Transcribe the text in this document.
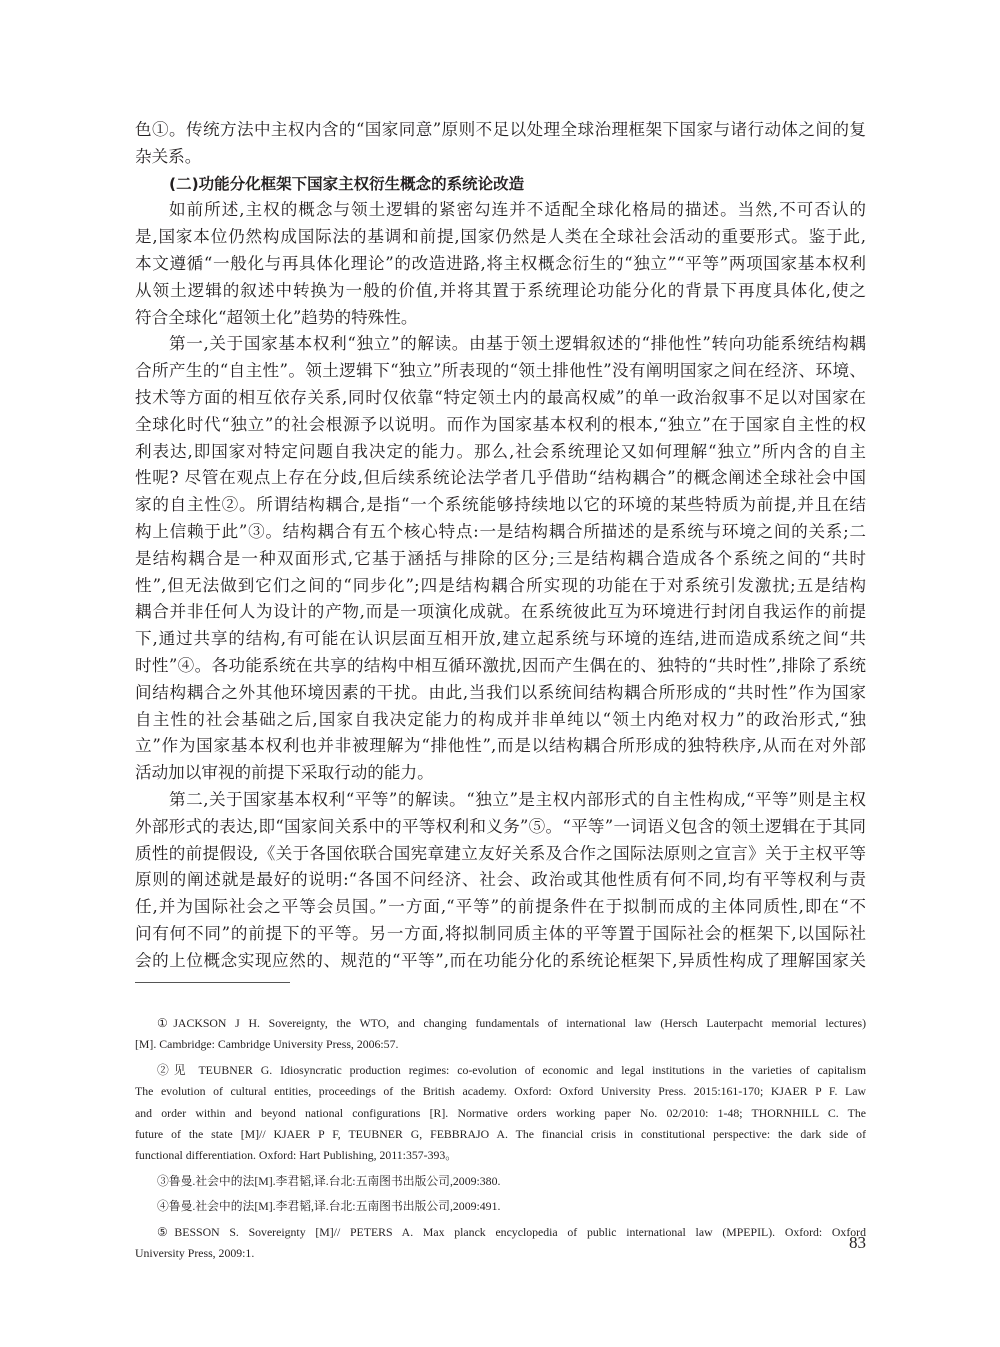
色①。传统方法中主权内含的“国家同意”原则不足以处理全球治理框架下国家与诸行动体之间的复
杂关系。
(二)功能分化框架下国家主权衍生概念的系统论改造
如前所述,主权的概念与领土逻辑的紧密勾连并不适配全球化格局的描述。当然,不可否认的
是,国家本位仍然构成国际法的基调和前提,国家仍然是人类在全球社会活动的重要形式。鉴于此,
本文遵循“一般化与再具体化理论”的改造进路,将主权概念衍生的“独立”“平等”两项国家基本权利
从领土逻辑的叙述中转换为一般的价值,并将其置于系统理论功能分化的背景下再度具体化,使之
符合全球化“超领土化”趋势的特殊性。
第一,关于国家基本权利“独立”的解读。由基于领土逻辑叙述的“排他性”转向功能系统结构耦
合所产生的“自主性”。领土逻辑下“独立”所表现的“领土排他性”没有阐明国家之间在经济、环境、
技术等方面的相互依存关系,同时仅依靠“特定领土内的最高权威”的单一政治叙事不足以对国家在
全球化时代“独立”的社会根源予以说明。而作为国家基本权利的根本,“独立”在于国家自主性的权
利表达,即国家对特定问题自我决定的能力。那么,社会系统理论又如何理解“独立”所内含的自主
性呢? 尽管在观点上存在分歧,但后续系统论法学者几乎借助“结构耦合”的概念阐述全球社会中国
家的自主性②。所谓结构耦合,是指“一个系统能够持续地以它的环境的某些特质为前提,并且在结
构上信赖于此”③。结构耦合有五个核心特点:一是结构耦合所描述的是系统与环境之间的关系;二
是结构耦合是一种双面形式,它基于涵括与排除的区分;三是结构耦合造成各个系统之间的“共时
性”,但无法做到它们之间的“同步化”;四是结构耦合所实现的功能在于对系统引发激扰;五是结构
耦合并非任何人为设计的产物,而是一项演化成就。在系统彼此互为环境进行封闭自我运作的前提
下,通过共享的结构,有可能在认识层面互相开放,建立起系统与环境的连结,进而造成系统之间“共
时性”④。各功能系统在共享的结构中相互循环激扰,因而产生偶在的、独特的“共时性”,排除了系统
间结构耦合之外其他环境因素的干扰。由此,当我们以系统间结构耦合所形成的“共时性”作为国家
自主性的社会基础之后,国家自我决定能力的构成并非单纯以“领土内绝对权力”的政治形式,“独
立”作为国家基本权利也并非被理解为“排他性”,而是以结构耦合所形成的独特秩序,从而在对外部
活动加以审视的前提下采取行动的能力。
第二,关于国家基本权利“平等”的解读。“独立”是主权内部形式的自主性构成,“平等”则是主权
外部形式的表达,即“国家间关系中的平等权利和义务”⑤。“平等”一词语义包含的领土逻辑在于其同
质性的前提假设,《关于各国依联合国宪章建立友好关系及合作之国际法原则之宣言》关于主权平等
原则的阐述就是最好的说明:“各国不问经济、社会、政治或其他性质有何不同,均有平等权利与责
任,并为国际社会之平等会员国。”一方面,“平等”的前提条件在于拟制而成的主体同质性,即在“不
问有何不同”的前提下的平等。另一方面,将拟制同质主体的平等置于国际社会的框架下,以国际社
会的上位概念实现应然的、规范的“平等”,而在功能分化的系统论框架下,异质性构成了理解国家关
①JACKSON J H. Sovereignty, the WTO, and changing fundamentals of international law (Hersch Lauterpacht memorial lectures)
[M]. Cambridge: Cambridge University Press, 2006:57.
②见 TEUBNER G. Idiosyncratic production regimes: co-evolution of economic and legal institutions in the varieties of capitalism
The evolution of cultural entities, proceedings of the British academy. Oxford: Oxford University Press. 2015:161-170; KJAER P F. Law
and order within and beyond national configurations [R]. Normative orders working paper No. 02/2010: 1-48; THORNHILL C. The
future of the state [M]// KJAER P F, TEUBNER G, FEBBRAJO A. The financial crisis in constitutional perspective: the dark side of
functional differentiation. Oxford: Hart Publishing, 2011:357-393。
③鲁曼.社会中的法[M].李君韬,译.台北:五南图书出版公司,2009:380.
④鲁曼.社会中的法[M].李君韬,译.台北:五南图书出版公司,2009:491.
⑤BESSON S. Sovereignty [M]// PETERS A. Max planck encyclopedia of public international law (MPEPIL). Oxford: Oxford
University Press, 2009:1.
83
